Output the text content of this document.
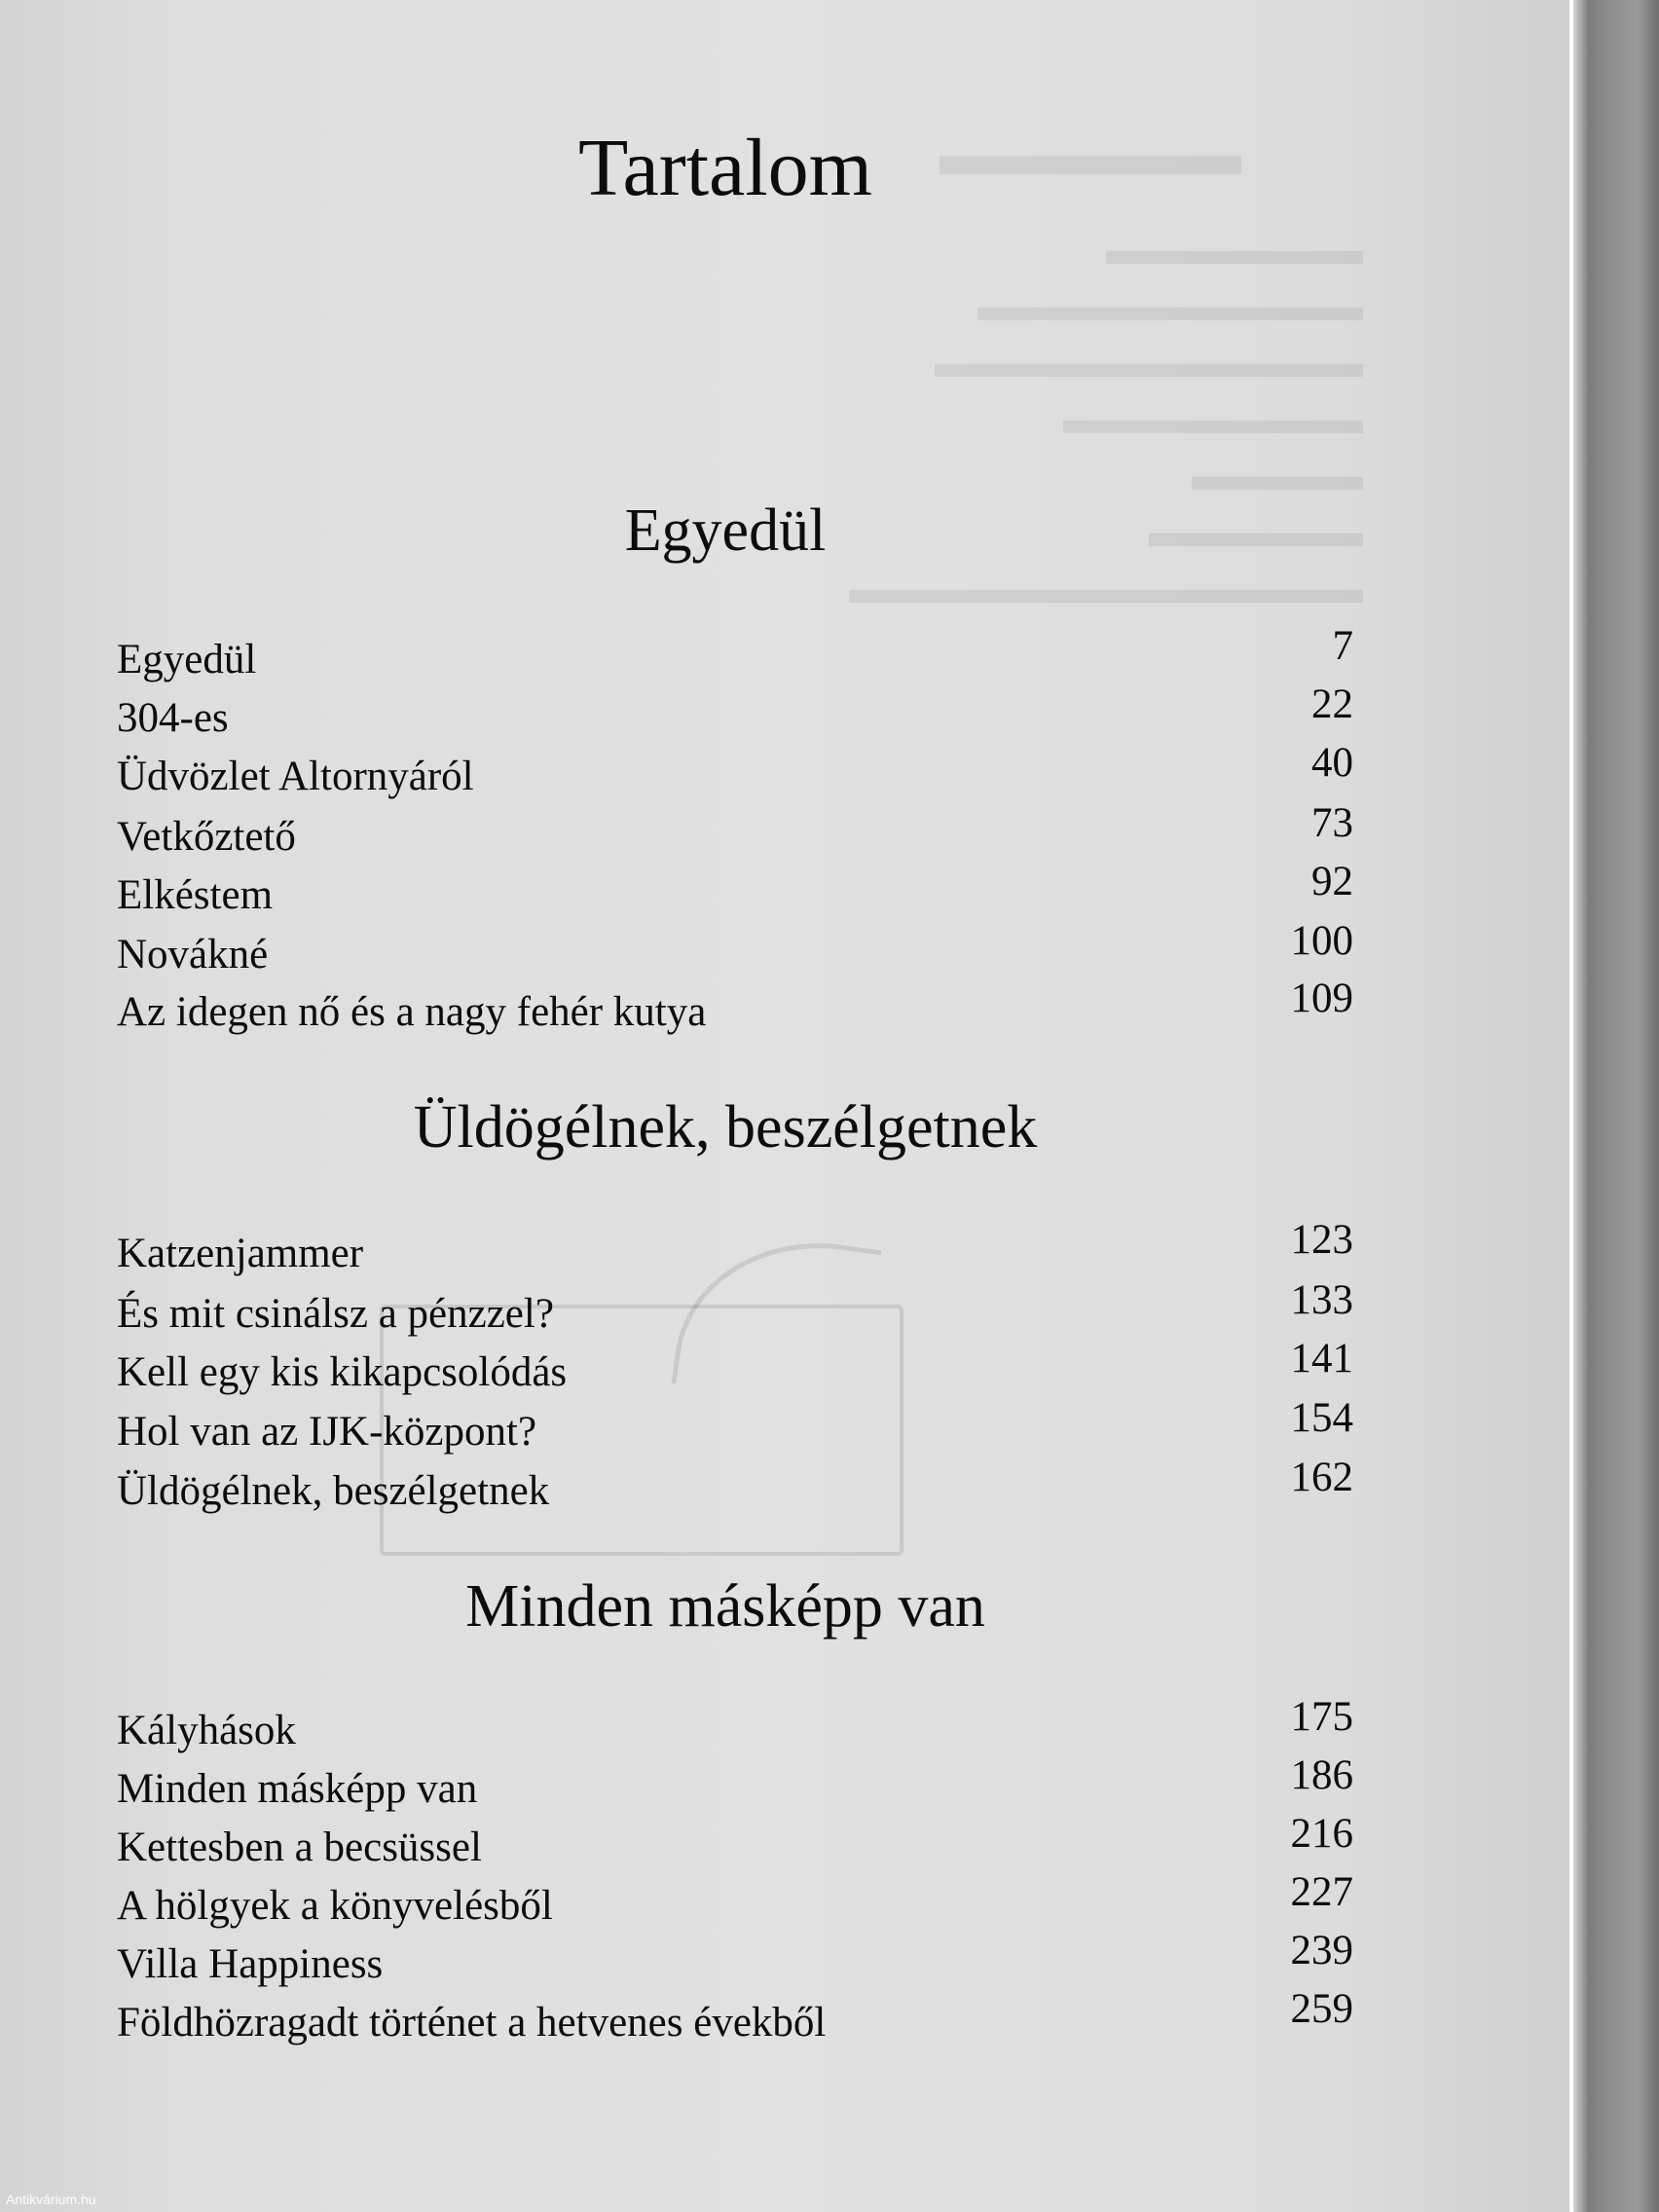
▬▬▬▬▬
▬▬▬▬▬▬
▬▬▬▬▬▬▬▬▬
▬▬▬▬▬▬▬▬▬▬
▬▬▬▬▬▬▬
▬▬▬▬
▬▬▬▬▬
▬▬▬▬▬▬▬▬▬▬▬▬
Tartalom
Egyedül
Egyedül	7
304-es	22
Üdvözlet Altornyáról	40
Vetkőztető	73
Elkéstem	92
Novákné	100
Az idegen nő és a nagy fehér kutya	109
Üldögélnek, beszélgetnek
Katzenjammer	123
És mit csinálsz a pénzzel?	133
Kell egy kis kikapcsolódás	141
Hol van az IJK-központ?	154
Üldögélnek, beszélgetnek	162
Minden másképp van
Kályhások	175
Minden másképp van	186
Kettesben a becsüssel	216
A hölgyek a könyvelésből	227
Villa Happiness	239
Földhözragadt történet a hetvenes évekből	259
Antikvárium.hu
